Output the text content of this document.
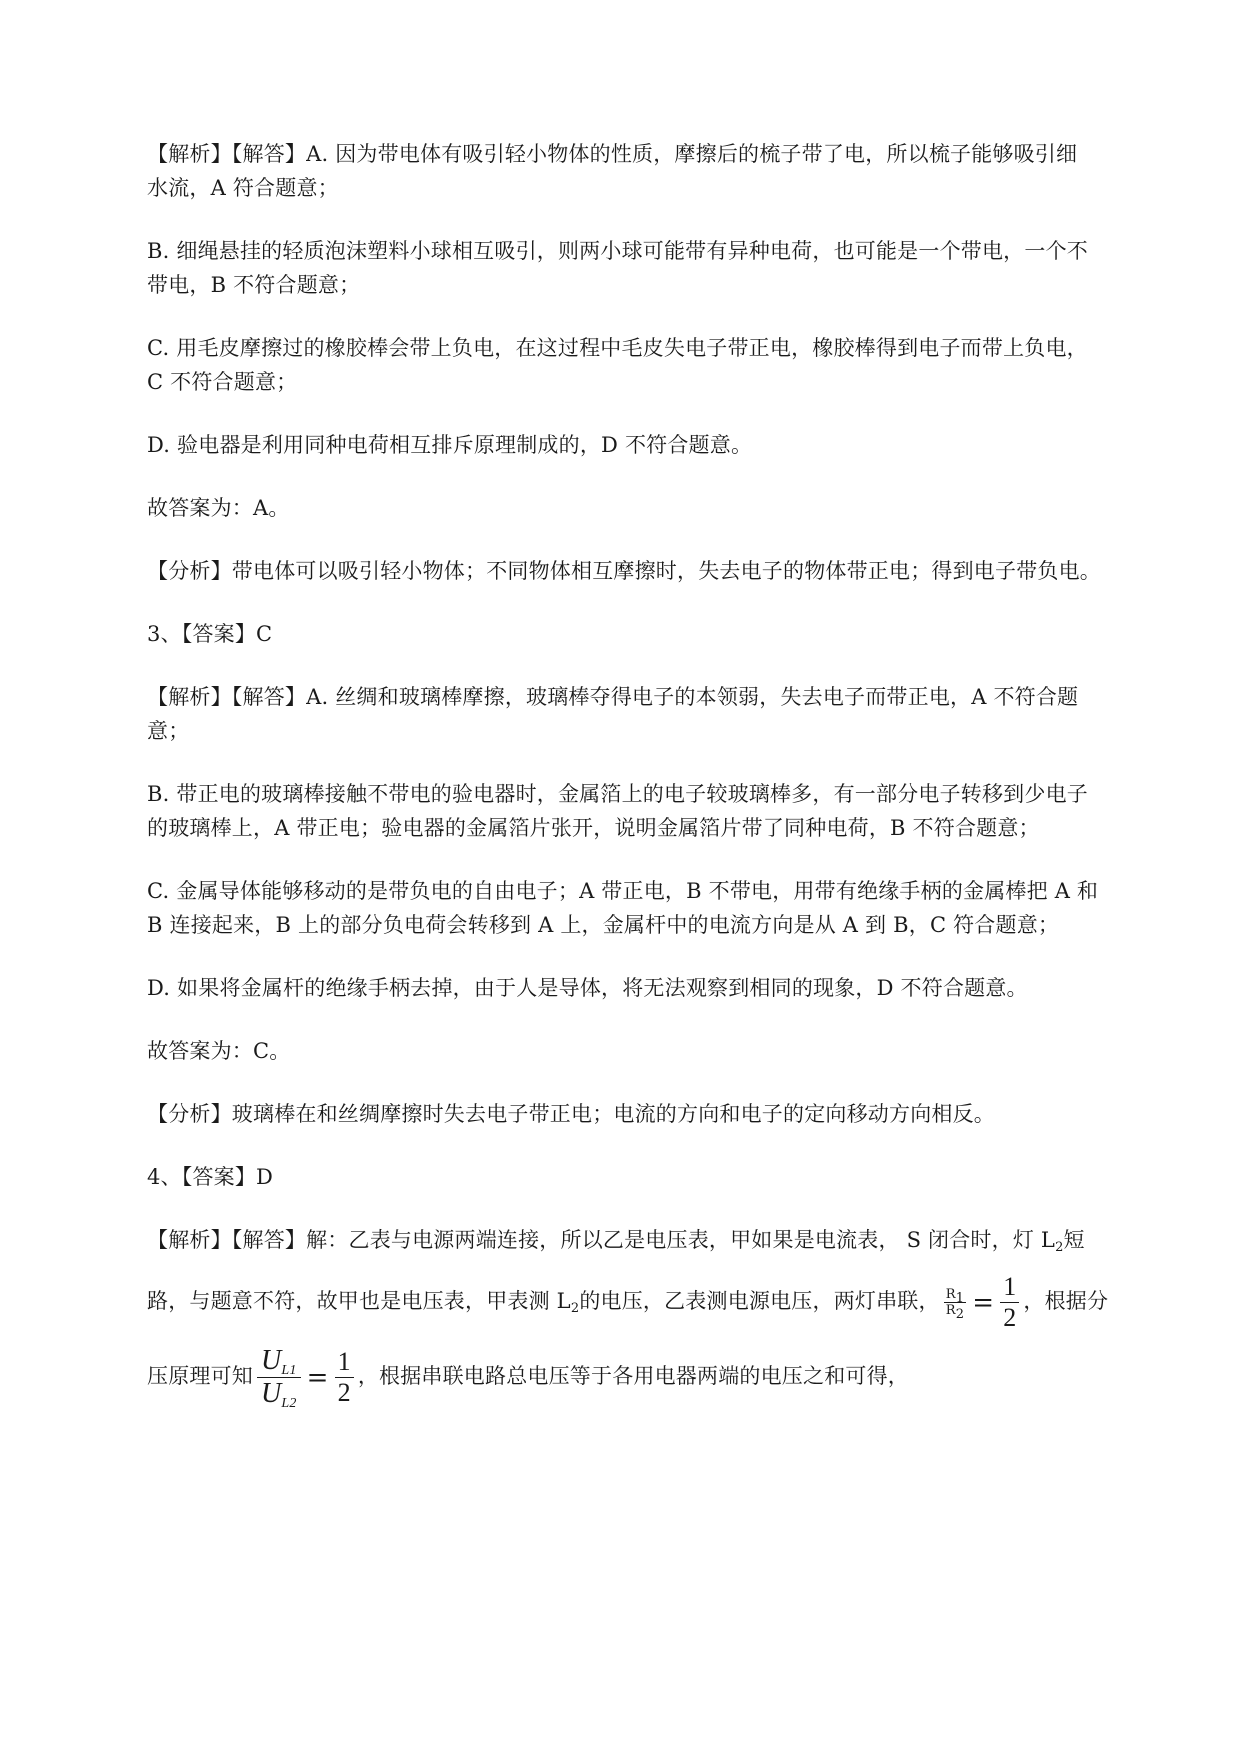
【解析】【解答】A. 因为带电体有吸引轻小物体的性质，摩擦后的梳子带了电，所以梳子能够吸引细
水流，A 符合题意；
B. 细绳悬挂的轻质泡沫塑料小球相互吸引，则两小球可能带有异种电荷，也可能是一个带电，一个不
带电，B 不符合题意；
C. 用毛皮摩擦过的橡胶棒会带上负电，在这过程中毛皮失电子带正电，橡胶棒得到电子而带上负电，
C 不符合题意；
D. 验电器是利用同种电荷相互排斥原理制成的，D 不符合题意。
故答案为：A。
【分析】带电体可以吸引轻小物体；不同物体相互摩擦时，失去电子的物体带正电；得到电子带负电。
3、【答案】C
【解析】【解答】A. 丝绸和玻璃棒摩擦，玻璃棒夺得电子的本领弱，失去电子而带正电，A 不符合题
意；
B. 带正电的玻璃棒接触不带电的验电器时，金属箔上的电子较玻璃棒多，有一部分电子转移到少电子
的玻璃棒上，A 带正电；验电器的金属箔片张开，说明金属箔片带了同种电荷，B 不符合题意；
C. 金属导体能够移动的是带负电的自由电子；A 带正电，B 不带电，用带有绝缘手柄的金属棒把 A 和
B 连接起来，B 上的部分负电荷会转移到 A 上，金属杆中的电流方向是从 A 到 B，C 符合题意；
D. 如果将金属杆的绝缘手柄去掉，由于人是导体，将无法观察到相同的现象，D 不符合题意。
故答案为：C。
【分析】玻璃棒在和丝绸摩擦时失去电子带正电；电流的方向和电子的定向移动方向相反。
4、【答案】D
【解析】【解答】解：乙表与电源两端连接，所以乙是电压表，甲如果是电流表， S 闭合时，灯 $L_2$短
路，与题意不符，故甲也是电压表，甲表测 $L_2$的电压，乙表测电源电压，两灯串联， $\frac{R_1}{R_2} = \frac{1}{2}$ ，根据分
压原理可知 $\frac{U_{L1}}{U_{L2}} = \frac{1}{2}$ ，根据串联电路总电压等于各用电器两端的电压之和可得，
